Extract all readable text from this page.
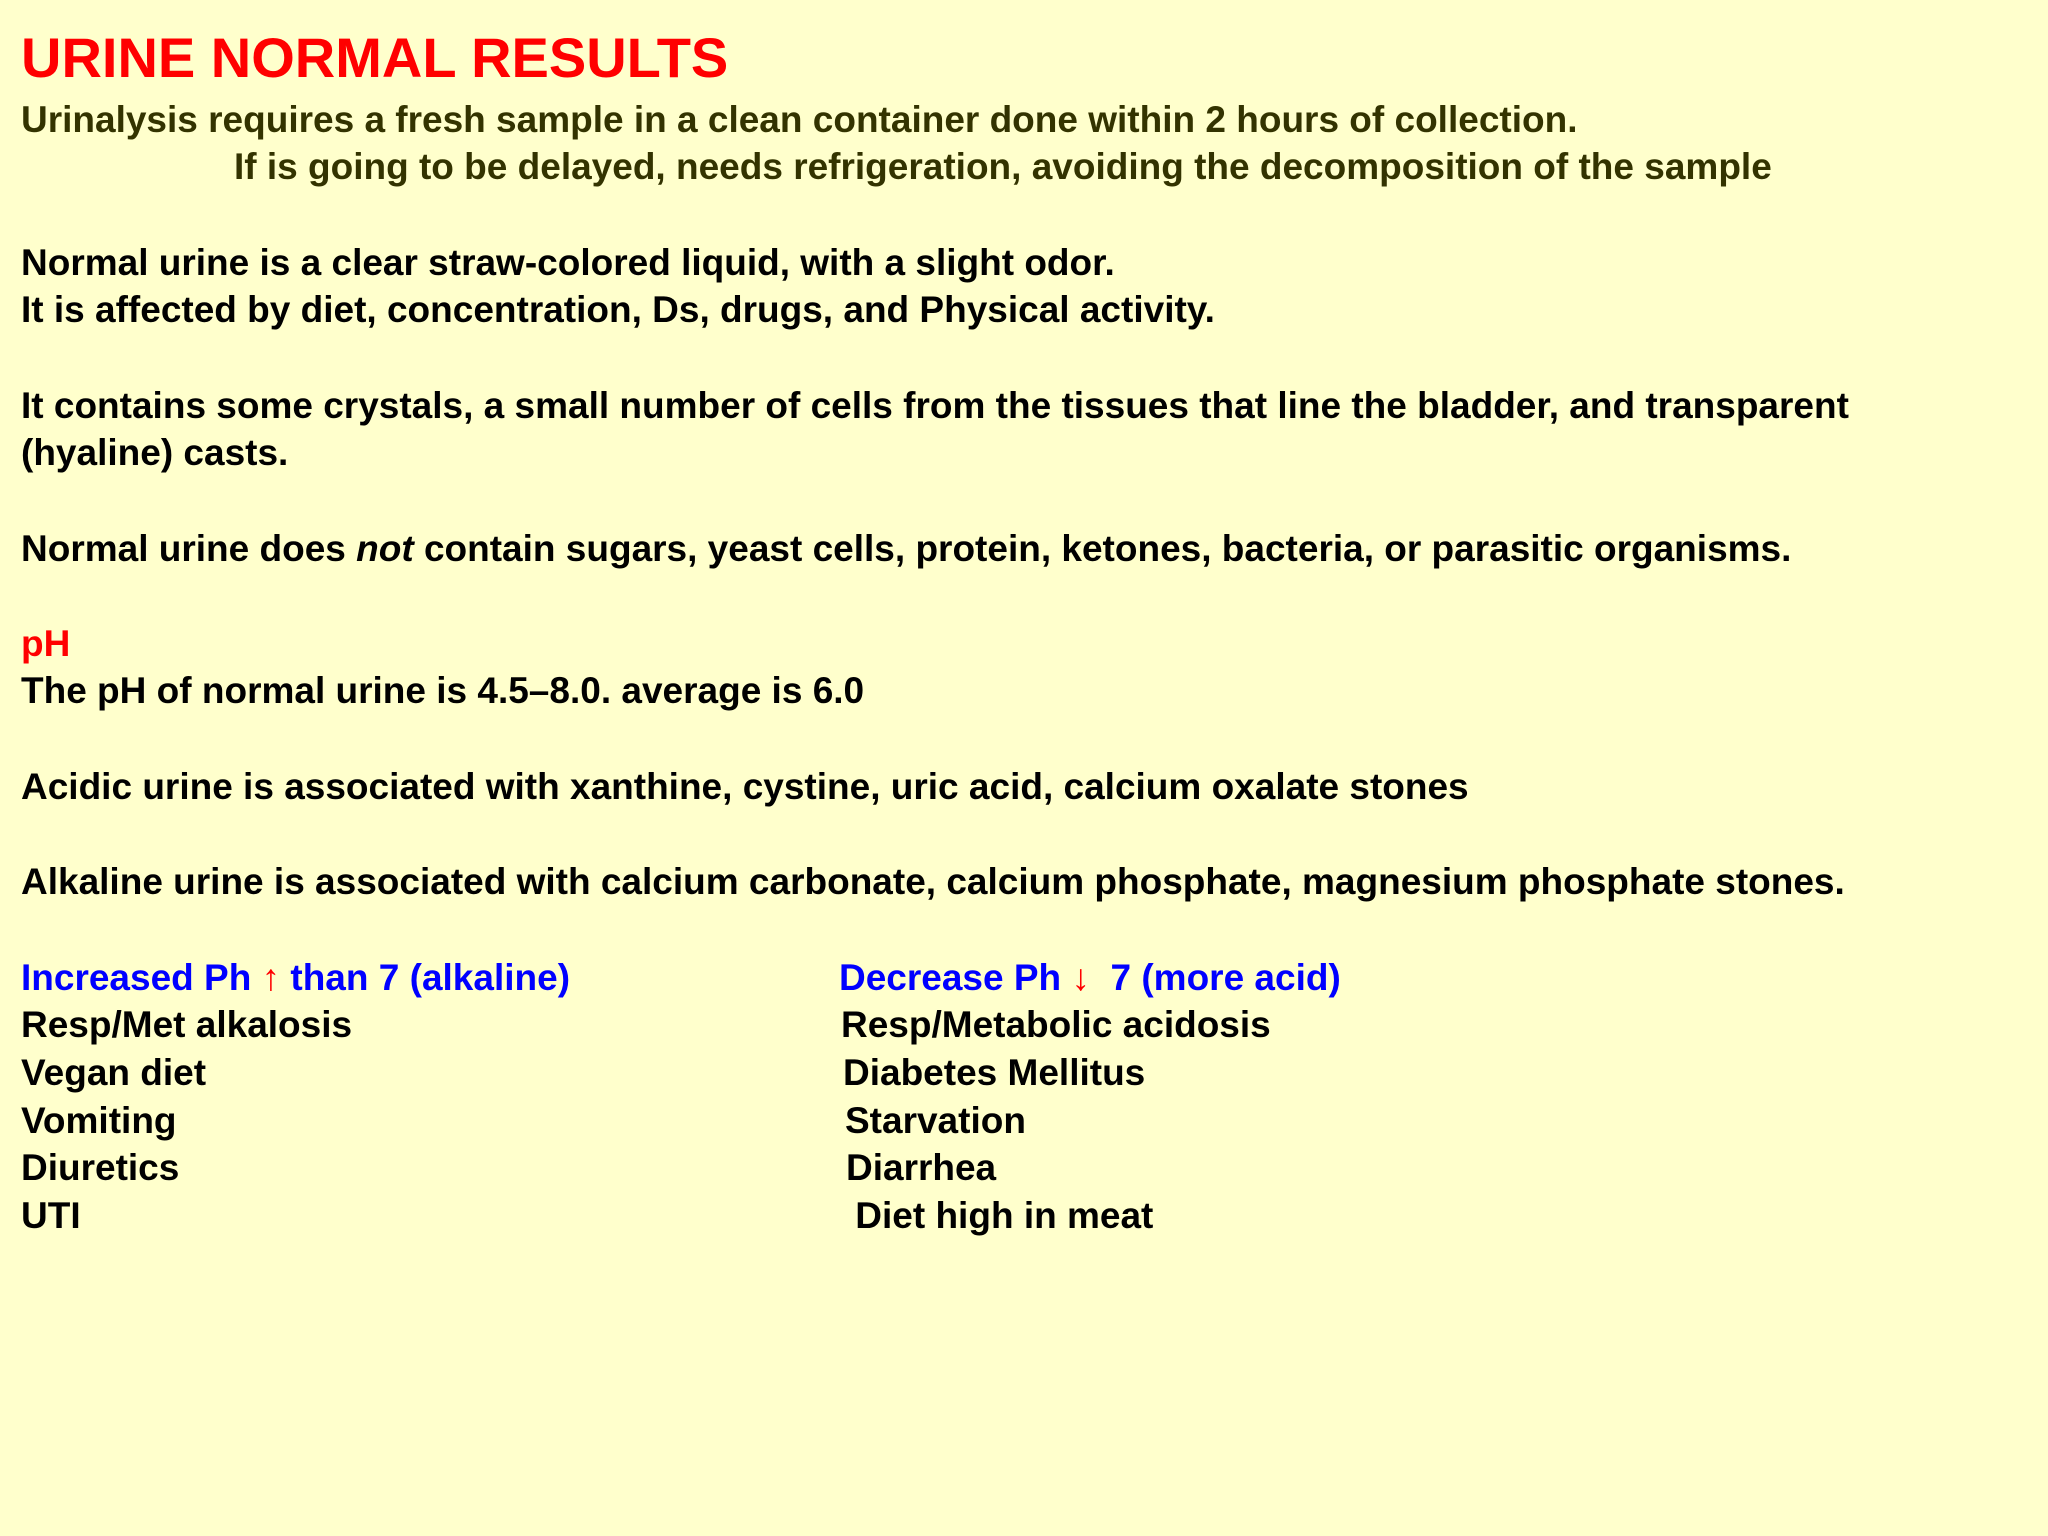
URINE NORMAL RESULTS
Urinalysis requires a fresh sample in a clean container done within 2 hours of collection.
If is going to be delayed, needs refrigeration, avoiding the decomposition of the sample
Normal urine is a clear straw-colored liquid, with a slight odor.
It is affected by diet, concentration, Ds, drugs, and Physical activity.
It contains some crystals, a small number of cells from the tissues that line the bladder, and transparent
(hyaline) casts.
Normal urine does not contain sugars, yeast cells, protein, ketones, bacteria, or parasitic organisms.
pH
The pH of normal urine is 4.5–8.0. average is 6.0
Acidic urine is associated with xanthine, cystine, uric acid, calcium oxalate stones
Alkaline urine is associated with calcium carbonate, calcium phosphate, magnesium phosphate stones.
Increased Ph ↑ than 7 (alkaline)
Resp/Met alkalosis
Vegan diet
Vomiting
Diuretics
UTI
Decrease Ph ↓  7 (more acid)
Resp/Metabolic acidosis
Diabetes Mellitus
Starvation
Diarrhea
Diet high in meat
